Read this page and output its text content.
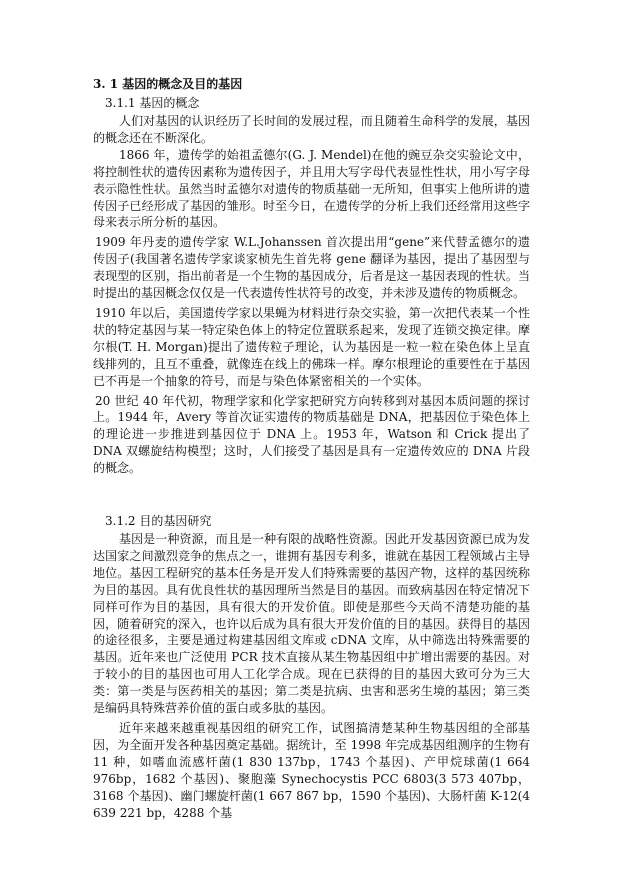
3. 1 基因的概念及目的基因
3.1.1 基因的概念

人们对基因的认识经历了长时间的发展过程，而且随着生命科学的发展，基因的概念还在不断深化。

1866 年，遗传学的始祖孟德尔(G. J. Mendel)在他的豌豆杂交实验论文中，将控制性状的遗传因素称为遗传因子，并且用大写字母代表显性性状，用小写字母表示隐性性状。虽然当时孟德尔对遗传的物质基础一无所知，但事实上他所讲的遗传因子已经形成了基因的雏形。时至今日，在遗传学的分析上我们还经常用这些字母来表示所分析的基因。

1909 年丹麦的遗传学家 W.L.Johanssen 首次提出用“gene”来代替孟德尔的遗传因子(我国著名遗传学家谈家桢先生首先将 gene 翻译为基因，提出了基因型与表现型的区别，指出前者是一个生物的基因成分，后者是这一基因表现的性状。当时提出的基因概念仅仅是一代表遗传性状符号的改变，并未涉及遗传的物质概念。

1910 年以后，美国遗传学家以果蝇为材料进行杂交实验，第一次把代表某一个性状的特定基因与某一特定染色体上的特定位置联系起来，发现了连锁交换定律。摩尔根(T. H. Morgan)提出了遗传粒子理论，认为基因是一粒一粒在染色体上呈直线排列的，且互不重叠，就像连在线上的佛珠一样。摩尔根理论的重要性在于基因已不再是一个抽象的符号，而是与染色体紧密相关的一个实体。

20 世纪 40 年代初，物理学家和化学家把研究方向转移到对基因本质问题的探讨上。1944 年，Avery 等首次证实遗传的物质基础是 DNA，把基因位于染色体上的理论进一步推进到基因位于 DNA 上。1953 年，Watson 和 Crick 提出了 DNA 双螺旋结构模型；这时，人们接受了基因是具有一定遗传效应的 DNA 片段的概念。

3.1.2 目的基因研究

基因是一种资源，而且是一种有限的战略性资源。因此开发基因资源已成为发达国家之间激烈竞争的焦点之一，谁拥有基因专利多，谁就在基因工程领域占主导地位。基因工程研究的基本任务是开发人们特殊需要的基因产物，这样的基因统称为目的基因。具有优良性状的基因理所当然是目的基因。而致病基因在特定情况下同样可作为目的基因，具有很大的开发价值。即使是那些今天尚不清楚功能的基因，随着研究的深入，也许以后成为具有很大开发价值的目的基因。获得目的基因的途径很多，主要是通过构建基因组文库或 cDNA 文库，从中筛选出特殊需要的基因。近年来也广泛使用 PCR 技术直接从某生物基因组中扩增出需要的基因。对于较小的目的基因也可用人工化学合成。现在已获得的目的基因大致可分为三大类：第一类是与医药相关的基因；第二类是抗病、虫害和恶劣生境的基因；第三类是编码具特殊营养价值的蛋白或多肽的基因。

近年来越来越重视基因组的研究工作，试图搞清楚某种生物基因组的全部基因，为全面开发各种基因奠定基础。据统计，至 1998 年完成基因组测序的生物有 11 种，如嗜血流感杆菌(1 830 137bp，1743 个基因)、产甲烷球菌(1 664 976bp，1682 个基因)、聚胞藻 Synechocystis PCC 6803(3 573 407bp，3168 个基因)、幽门螺旋杆菌(1 667 867 bp，1590 个基因)、大肠杆菌 K-12(4 639 221 bp，4288 个基
